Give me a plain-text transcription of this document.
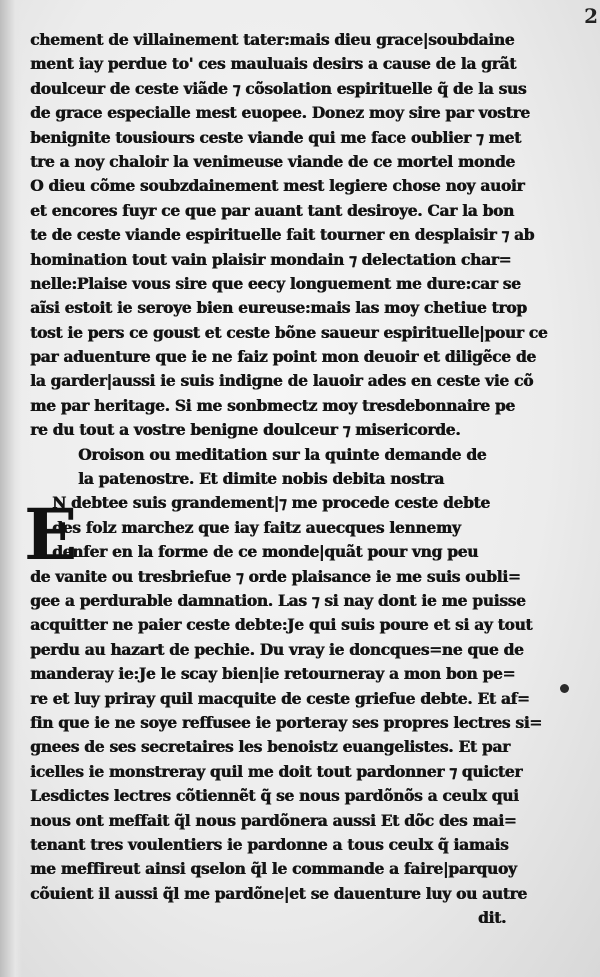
2
chement de villainement tater:mais dieu grace|soubdaine
ment iay perdue to' ces mauluais desirs a cause de la grãt
doulceur de ceste viãde ⁊ cõsolation espirituelle q̃ de la sus
de grace especialle mest euopee. Donez moy sire par vostre
benignite tousiours ceste viande qui me face oublier ⁊ met
tre a noy chaloir la venimeuse viande de ce mortel monde
O dieu cõme soubzdainement mest legiere chose noy auoir
et encores fuyr ce que par auant tant desiroye. Car la bon
te de ceste viande espirituelle fait tourner en desplaisir ⁊ ab
homination tout vain plaisir mondain ⁊ delectation char=
nelle:Plaise vous sire que eecy longuement me dure:car se
aĩsi estoit ie seroye bien eureuse:mais las moy chetiue trop
tost ie pers ce goust et ceste bõne saueur espirituelle|pour ce
par aduenture que ie ne faiz point mon deuoir et diligẽce de
la garder|aussi ie suis indigne de lauoir ades en ceste vie cõ
me par heritage. Si me sonbmectz moy tresdebonnaire pe
re du tout a vostre benigne doulceur ⁊ misericorde.
Oroison ou meditation sur la quinte demande de
la patenostre. Et dimite nobis debita nostra
N debtee suis grandement|⁊ me procede ceste debte
des folz marchez que iay faitz auecques lennemy
denfer en la forme de ce monde|quãt pour vng peu
de vanite ou tresbriefue ⁊ orde plaisance ie me suis oubli=
gee a perdurable damnation. Las ⁊ si nay dont ie me puisse
acquitter ne paier ceste debte:Je qui suis poure et si ay tout
perdu au hazart de pechie. Du vray ie doncques=ne que de
manderay ie:Je le scay bien|ie retourneray a mon bon pe=
re et luy priray quil macquite de ceste griefue debte. Et af=
fin que ie ne soye reffusee ie porteray ses propres lectres si=
gnees de ses secretaires les benoistz euangelistes. Et par
icelles ie monstreray quil me doit tout pardonner ⁊ quicter
Lesdictes lectres cõtiennẽt q̃ se nous pardõnõs a ceulx qui
nous ont meffait q̃l nous pardõnera aussi Et dõc des mai=
tenant tres voulentiers ie pardonne a tous ceulx q̃ iamais
me meffireut ainsi qselon q̃l le commande a faire|parquoy
cõuient il aussi q̃l me pardõne|et se dauenture luy ou autre
dit.
E
